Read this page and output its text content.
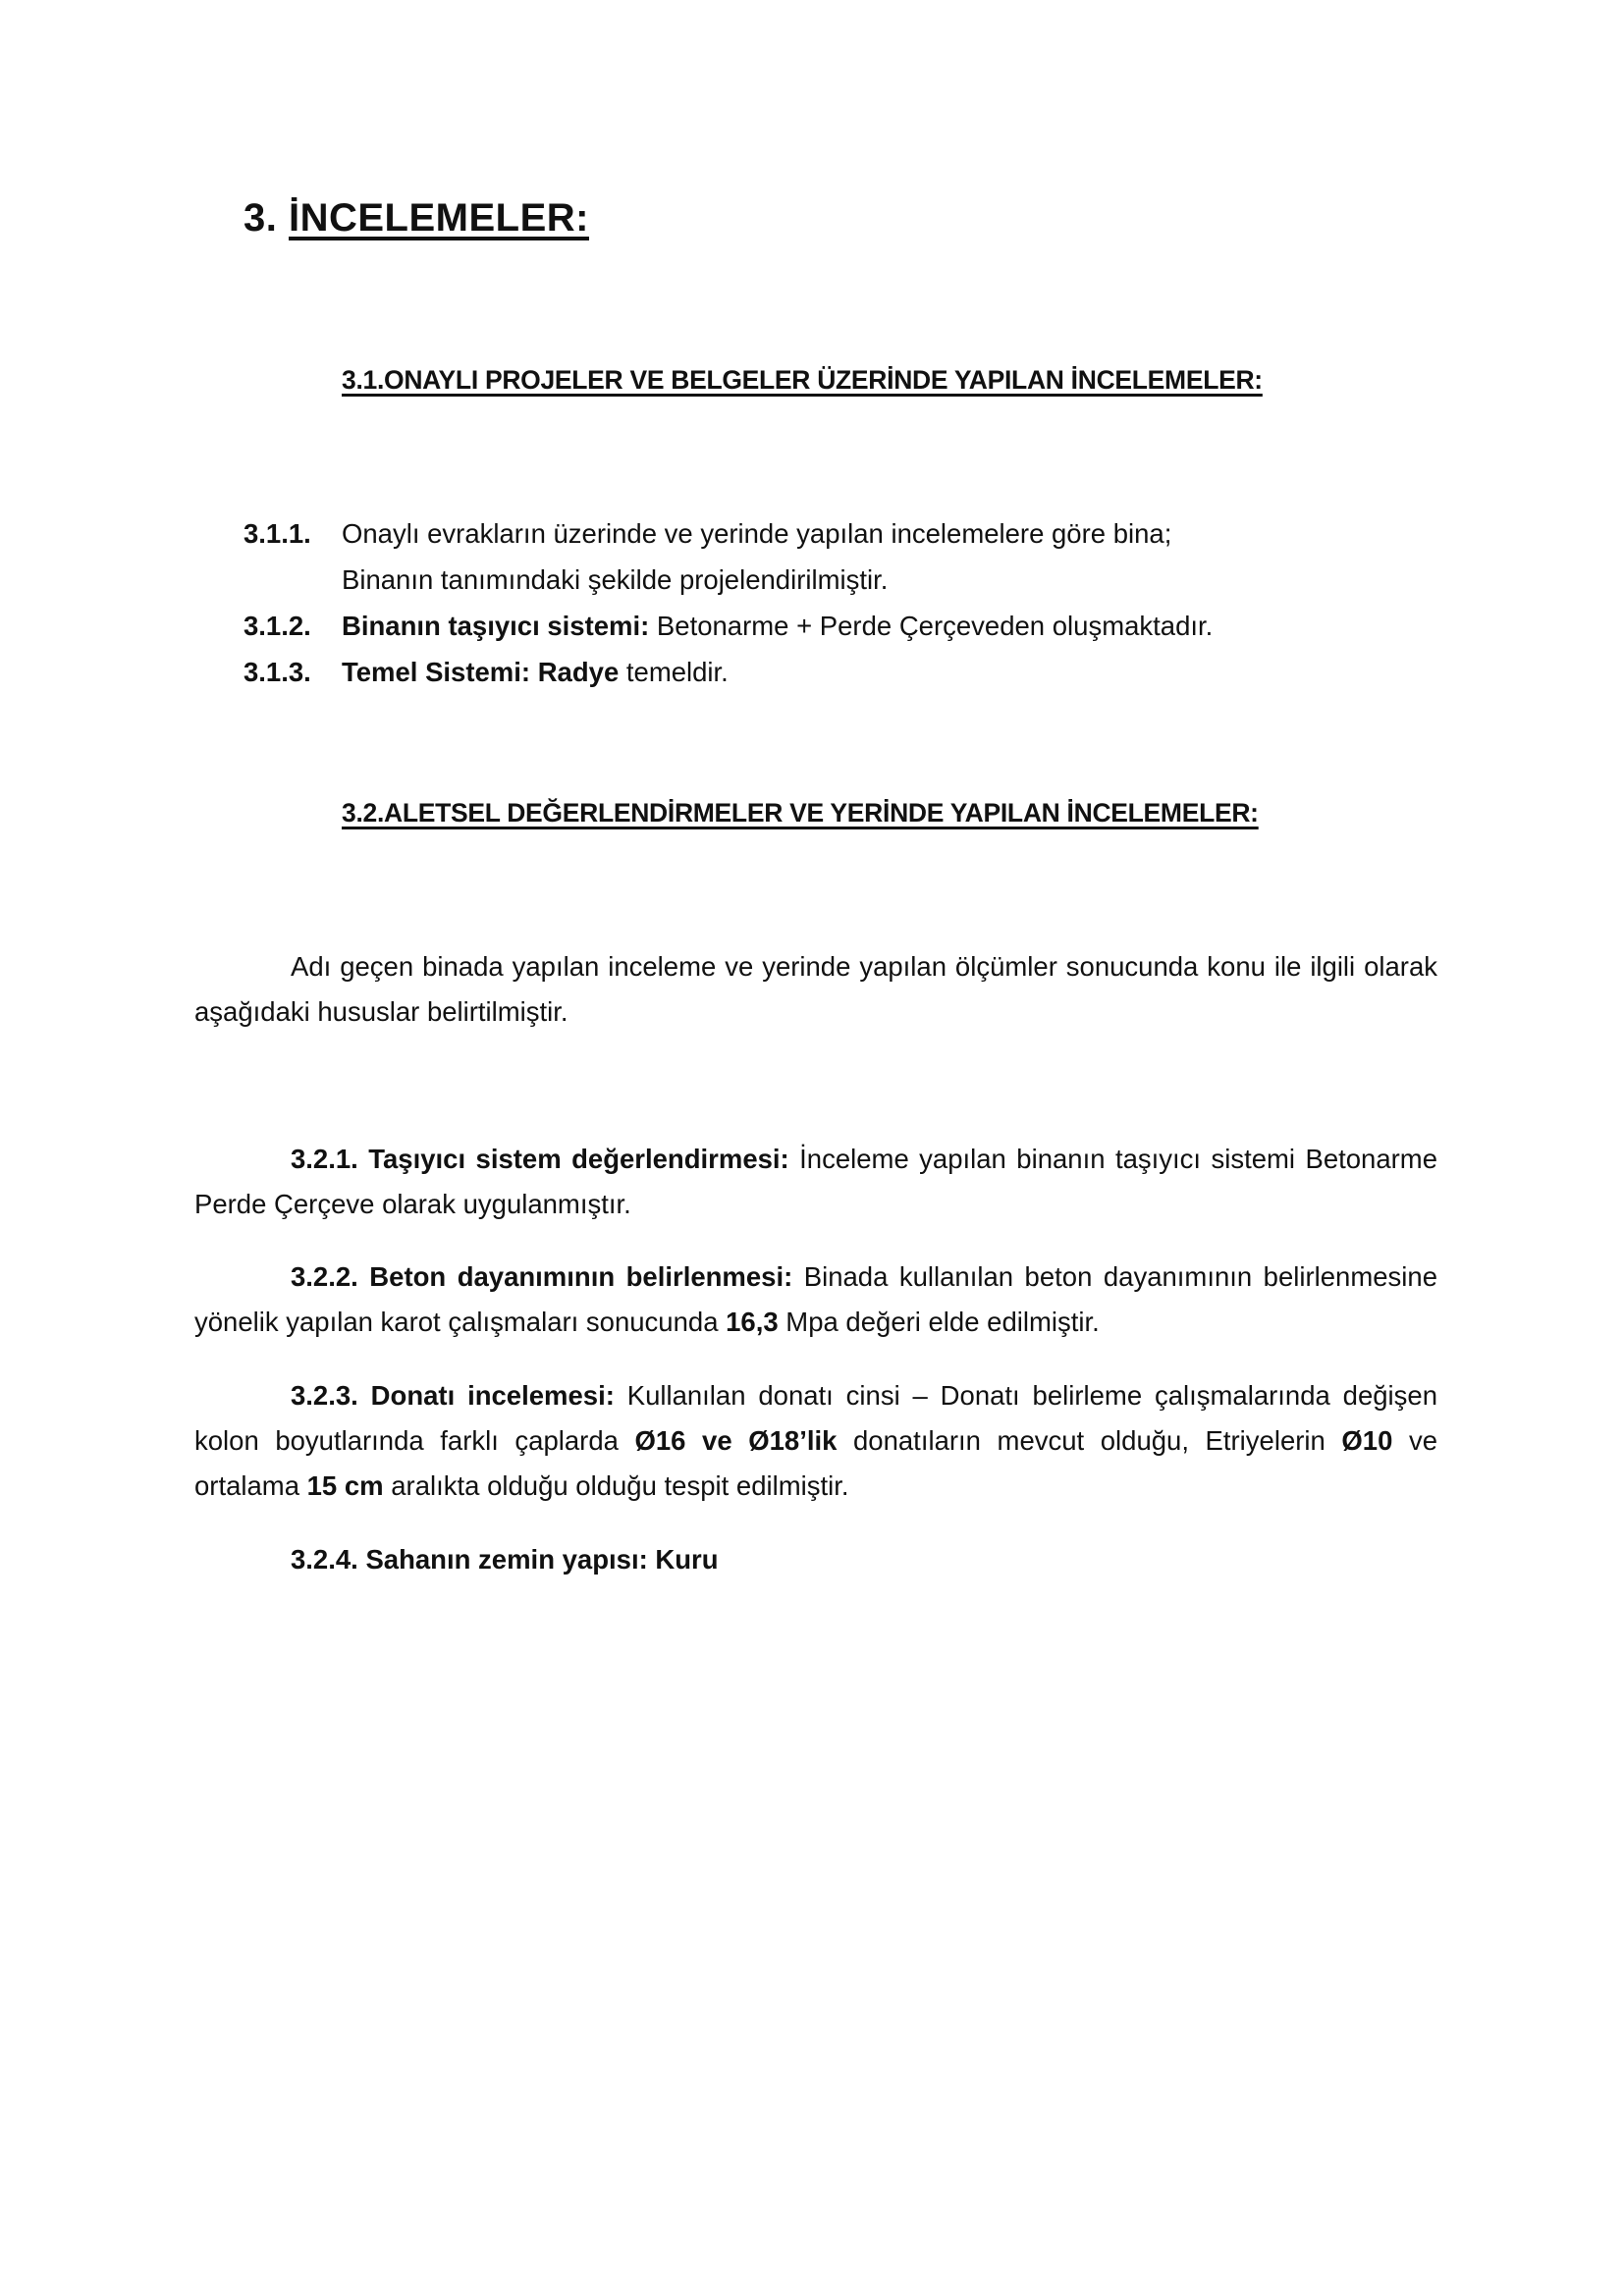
3. İNCELEMELER:
3.1.ONAYLI PROJELER VE BELGELER ÜZERİNDE YAPILAN İNCELEMELER:
3.1.1.	Onaylı evrakların üzerinde ve yerinde yapılan incelemelere göre bina;
Binanın tanımındaki şekilde projelendirilmiştir.
3.1.2.	Binanın taşıyıcı sistemi: Betonarme + Perde Çerçeveden oluşmaktadır.
3.1.3.	Temel Sistemi: Radye temeldir.
3.2.ALETSEL DEĞERLENDİRMELER VE YERİNDE YAPILAN İNCELEMELER:
Adı geçen binada yapılan inceleme ve yerinde yapılan ölçümler sonucunda konu ile ilgili olarak aşağıdaki hususlar belirtilmiştir.
3.2.1. Taşıyıcı sistem değerlendirmesi: İnceleme yapılan binanın taşıyıcı sistemi Betonarme Perde Çerçeve olarak uygulanmıştır.
3.2.2. Beton dayanımının belirlenmesi: Binada kullanılan beton dayanımının belirlenmesine yönelik yapılan karot çalışmaları sonucunda 16,3 Mpa değeri elde edilmiştir.
3.2.3. Donatı incelemesi: Kullanılan donatı cinsi – Donatı belirleme çalışmalarında değişen kolon boyutlarında farklı çaplarda Ø16 ve Ø18’lik donatıların mevcut olduğu, Etriyelerin Ø10 ve ortalama 15 cm aralıkta olduğu olduğu tespit edilmiştir.
3.2.4. Sahanın zemin yapısı: Kuru
